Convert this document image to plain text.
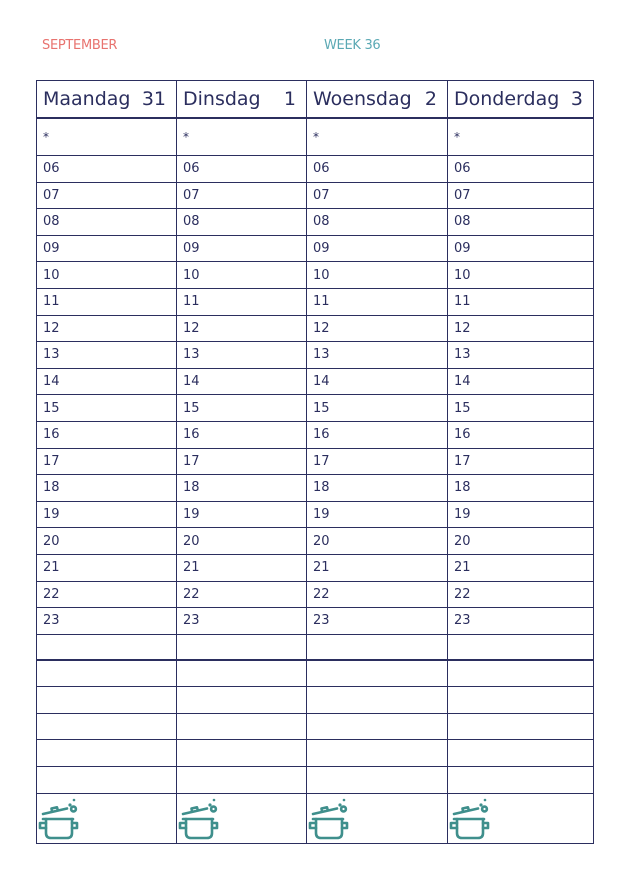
SEPTEMBER	WEEK 36
Maandag 31 Dinsdag 1 Woensdag 2 Donderdag 3
*	*	*	*
06	06	06	06
07	07	07	07
08	08	08	08
09	09	09	09
10	10	10	10
11	11	11	11
12	12	12	12
13	13	13	13
14	14	14	14
15	15	15	15
16	16	16	16
17	17	17	17
18	18	18	18
19	19	19	19
20	20	20	20
21	21	21	21
22	22	22	22
23	23	23	23
